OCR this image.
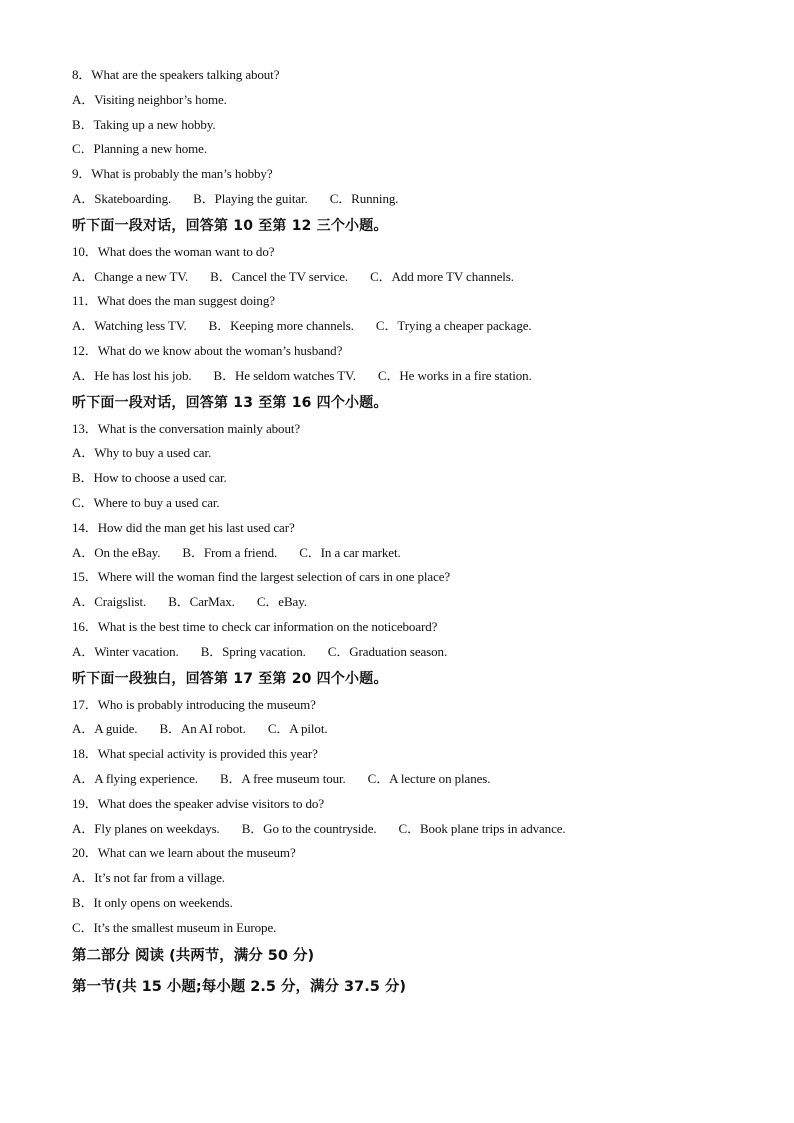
8．What are the speakers talking about?
A．Visiting neighbor’s home.
B．Taking up a new hobby.
C．Planning a new home.
9．What is probably the man’s hobby?
A．Skateboarding. B．Playing the guitar. C．Running.
听下面一段对话，回答第 10 至第 12 三个小题。
10．What does the woman want to do?
A．Change a new TV. B．Cancel the TV service. C．Add more TV channels.
11．What does the man suggest doing?
A．Watching less TV. B．Keeping more channels. C．Trying a cheaper package.
12．What do we know about the woman’s husband?
A．He has lost his job. B．He seldom watches TV. C．He works in a fire station.
听下面一段对话，回答第 13 至第 16 四个小题。
13．What is the conversation mainly about?
A．Why to buy a used car.
B．How to choose a used car.
C．Where to buy a used car.
14．How did the man get his last used car?
A．On the eBay. B．From a friend. C．In a car market.
15．Where will the woman find the largest selection of cars in one place?
A．Craigslist. B．CarMax. C．eBay.
16．What is the best time to check car information on the noticeboard?
A．Winter vacation. B．Spring vacation. C．Graduation season.
听下面一段独白，回答第 17 至第 20 四个小题。
17．Who is probably introducing the museum?
A．A guide. B．An AI robot. C．A pilot.
18．What special activity is provided this year?
A．A flying experience. B．A free museum tour. C．A lecture on planes.
19．What does the speaker advise visitors to do?
A．Fly planes on weekdays. B．Go to the countryside. C．Book plane trips in advance.
20．What can we learn about the museum?
A．It’s not far from a village.
B．It only opens on weekends.
C．It’s the smallest museum in Europe.
第二部分 阅读 (共两节，满分 50 分)
第一节(共 15 小题;每小题 2.5 分，满分 37.5 分)
